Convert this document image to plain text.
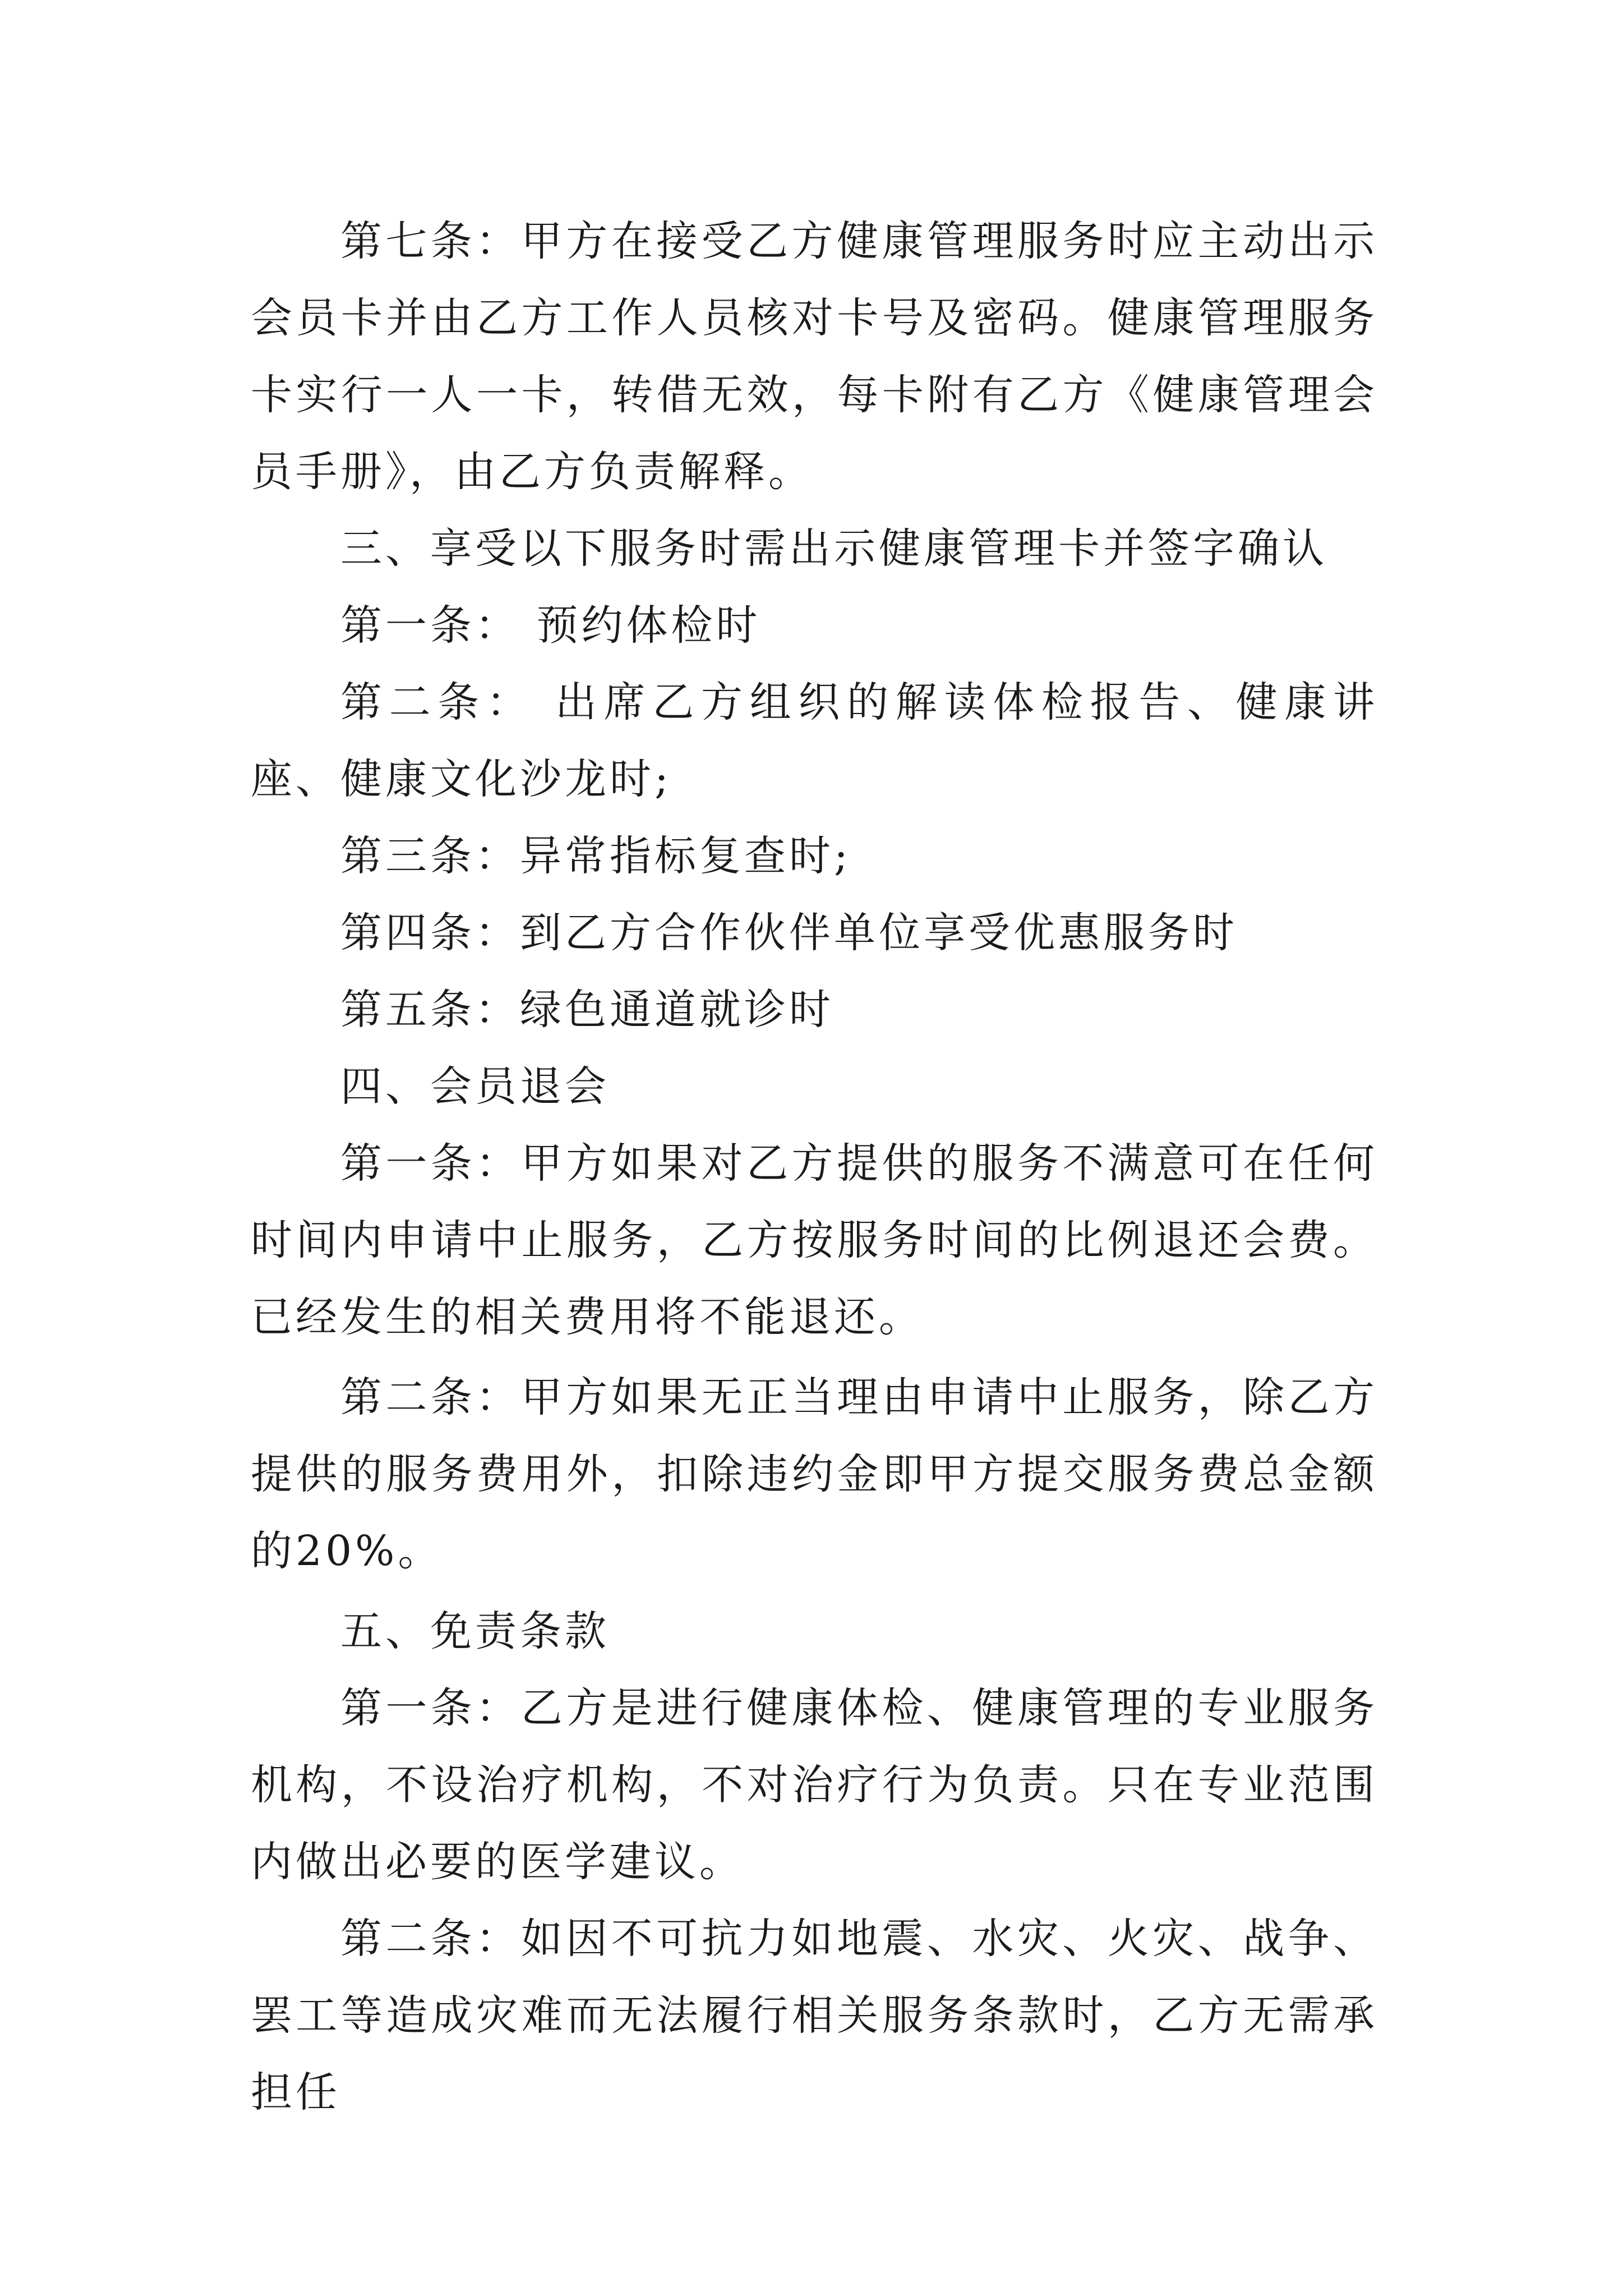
第七条：甲方在接受乙方健康管理服务时应主动出示会员卡并由乙方工作人员核对卡号及密码。健康管理服务卡实行一人一卡，转借无效，每卡附有乙方《健康管理会员手册》，由乙方负责解释。

三、享受以下服务时需出示健康管理卡并签字确认

第一条： 预约体检时

第二条： 出席乙方组织的解读体检报告、健康讲座、健康文化沙龙时;

第三条：异常指标复查时;

第四条：到乙方合作伙伴单位享受优惠服务时

第五条：绿色通道就诊时

四、会员退会

第一条：甲方如果对乙方提供的服务不满意可在任何时间内申请中止服务，乙方按服务时间的比例退还会费。已经发生的相关费用将不能退还。

第二条：甲方如果无正当理由申请中止服务，除乙方提供的服务费用外，扣除违约金即甲方提交服务费总金额的20%。

五、免责条款

第一条：乙方是进行健康体检、健康管理的专业服务机构，不设治疗机构，不对治疗行为负责。只在专业范围内做出必要的医学建议。

第二条：如因不可抗力如地震、水灾、火灾、战争、罢工等造成灾难而无法履行相关服务条款时，乙方无需承担任
